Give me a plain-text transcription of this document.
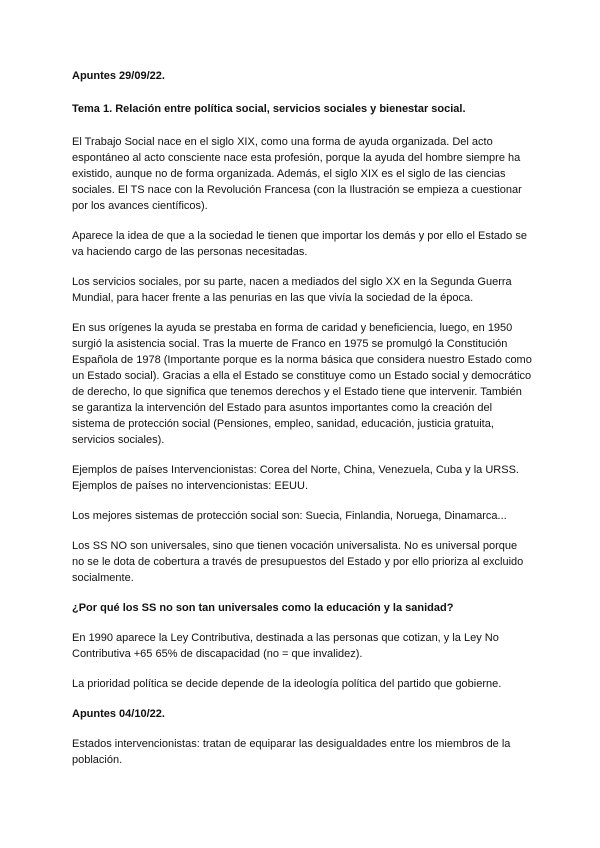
Apuntes 29/09/22.

Tema 1. Relación entre política social, servicios sociales y bienestar social.

El Trabajo Social nace en el siglo XIX, como una forma de ayuda organizada. Del acto espontáneo al acto consciente nace esta profesión, porque la ayuda del hombre siempre ha existido, aunque no de forma organizada. Además, el siglo XIX es el siglo de las ciencias sociales. El TS nace con la Revolución Francesa (con la Ilustración se empieza a cuestionar por los avances científicos).

Aparece la idea de que a la sociedad le tienen que importar los demás y por ello el Estado se va haciendo cargo de las personas necesitadas.

Los servicios sociales, por su parte, nacen a mediados del siglo XX en la Segunda Guerra Mundial, para hacer frente a las penurias en las que vivía la sociedad de la época.

En sus orígenes la ayuda se prestaba en forma de caridad y beneficiencia, luego, en 1950 surgió la asistencia social. Tras la muerte de Franco en 1975 se promulgó la Constitución Española de 1978 (Importante porque es la norma básica que considera nuestro Estado como un Estado social). Gracias a ella el Estado se constituye como un Estado social y democrático de derecho, lo que significa que tenemos derechos y el Estado tiene que intervenir. También se garantiza la intervención del Estado para asuntos importantes como la creación del sistema de protección social (Pensiones, empleo, sanidad, educación, justicia gratuita, servicios sociales).

Ejemplos de países Intervencionistas: Corea del Norte, China, Venezuela, Cuba y la URSS. Ejemplos de países no intervencionistas: EEUU.

Los mejores sistemas de protección social son: Suecia, Finlandia, Noruega, Dinamarca...

Los SS NO son universales, sino que tienen vocación universalista. No es universal porque no se le dota de cobertura a través de presupuestos del Estado y por ello prioriza al excluido socialmente.

¿Por qué los SS no son tan universales como la educación y la sanidad?

En 1990 aparece la Ley Contributiva, destinada a las personas que cotizan, y la Ley No Contributiva +65 65% de discapacidad (no = que invalidez).

La prioridad política se decide depende de la ideología política del partido que gobierne.

Apuntes 04/10/22.

Estados intervencionistas: tratan de equiparar las desigualdades entre los miembros de la población.
